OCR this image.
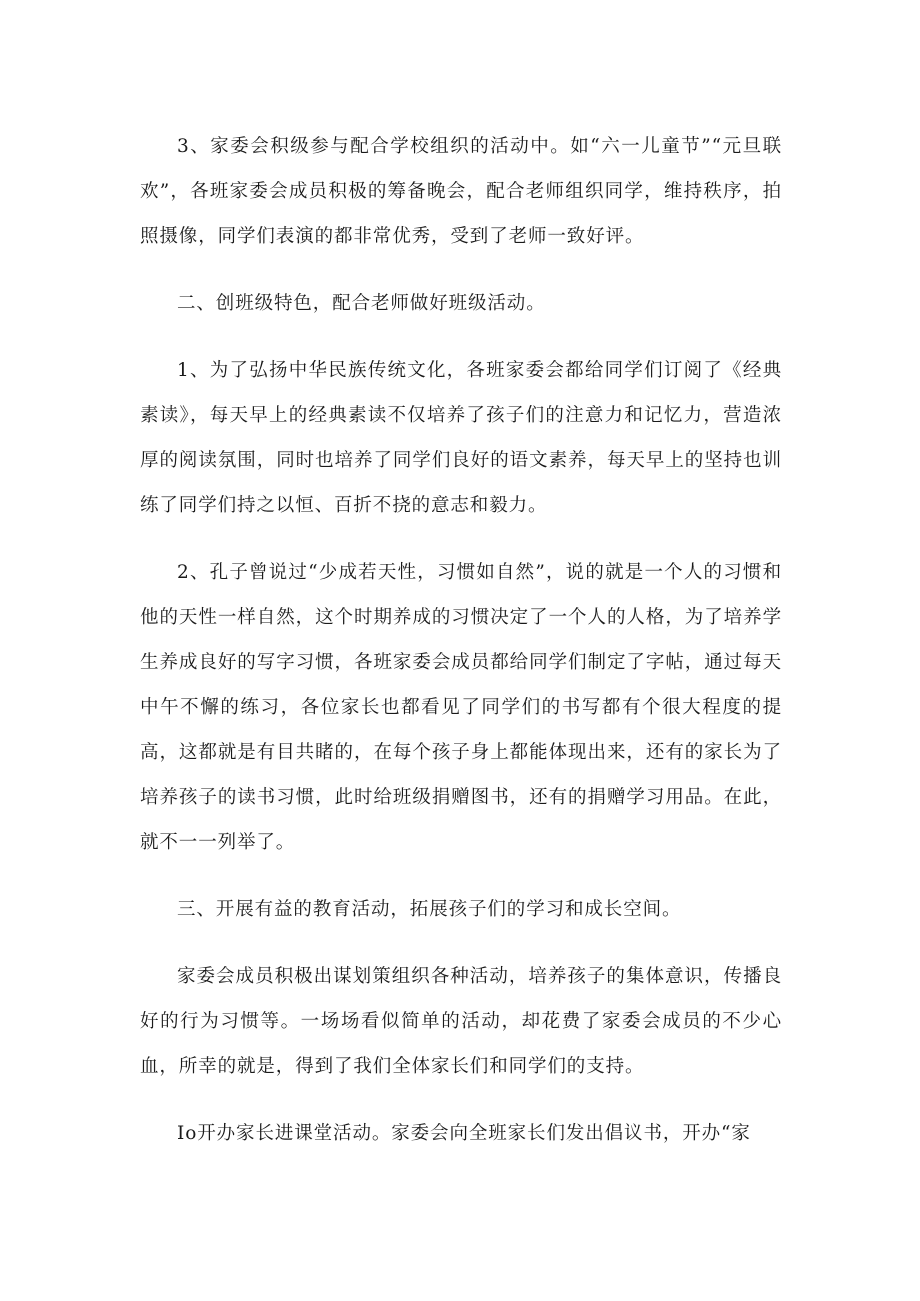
3、家委会积级参与配合学校组织的活动中。如“六一儿童节”“元旦联欢”，各班家委会成员积极的筹备晚会，配合老师组织同学，维持秩序，拍照摄像，同学们表演的都非常优秀，受到了老师一致好评。

二、创班级特色，配合老师做好班级活动。

1、为了弘扬中华民族传统文化，各班家委会都给同学们订阅了《经典素读》，每天早上的经典素读不仅培养了孩子们的注意力和记忆力，营造浓厚的阅读氛围，同时也培养了同学们良好的语文素养，每天早上的坚持也训练了同学们持之以恒、百折不挠的意志和毅力。

2、孔子曾说过“少成若天性，习惯如自然”，说的就是一个人的习惯和他的天性一样自然，这个时期养成的习惯决定了一个人的人格，为了培养学生养成良好的写字习惯，各班家委会成员都给同学们制定了字帖，通过每天中午不懈的练习，各位家长也都看见了同学们的书写都有个很大程度的提高，这都就是有目共睹的，在每个孩子身上都能体现出来，还有的家长为了培养孩子的读书习惯，此时给班级捐赠图书，还有的捐赠学习用品。在此，就不一一列举了。

三、开展有益的教育活动，拓展孩子们的学习和成长空间。

家委会成员积极出谋划策组织各种活动，培养孩子的集体意识，传播良好的行为习惯等。一场场看似简单的活动，却花费了家委会成员的不少心血，所幸的就是，得到了我们全体家长们和同学们的支持。

Io开办家长进课堂活动。家委会向全班家长们发出倡议书，开办“家
